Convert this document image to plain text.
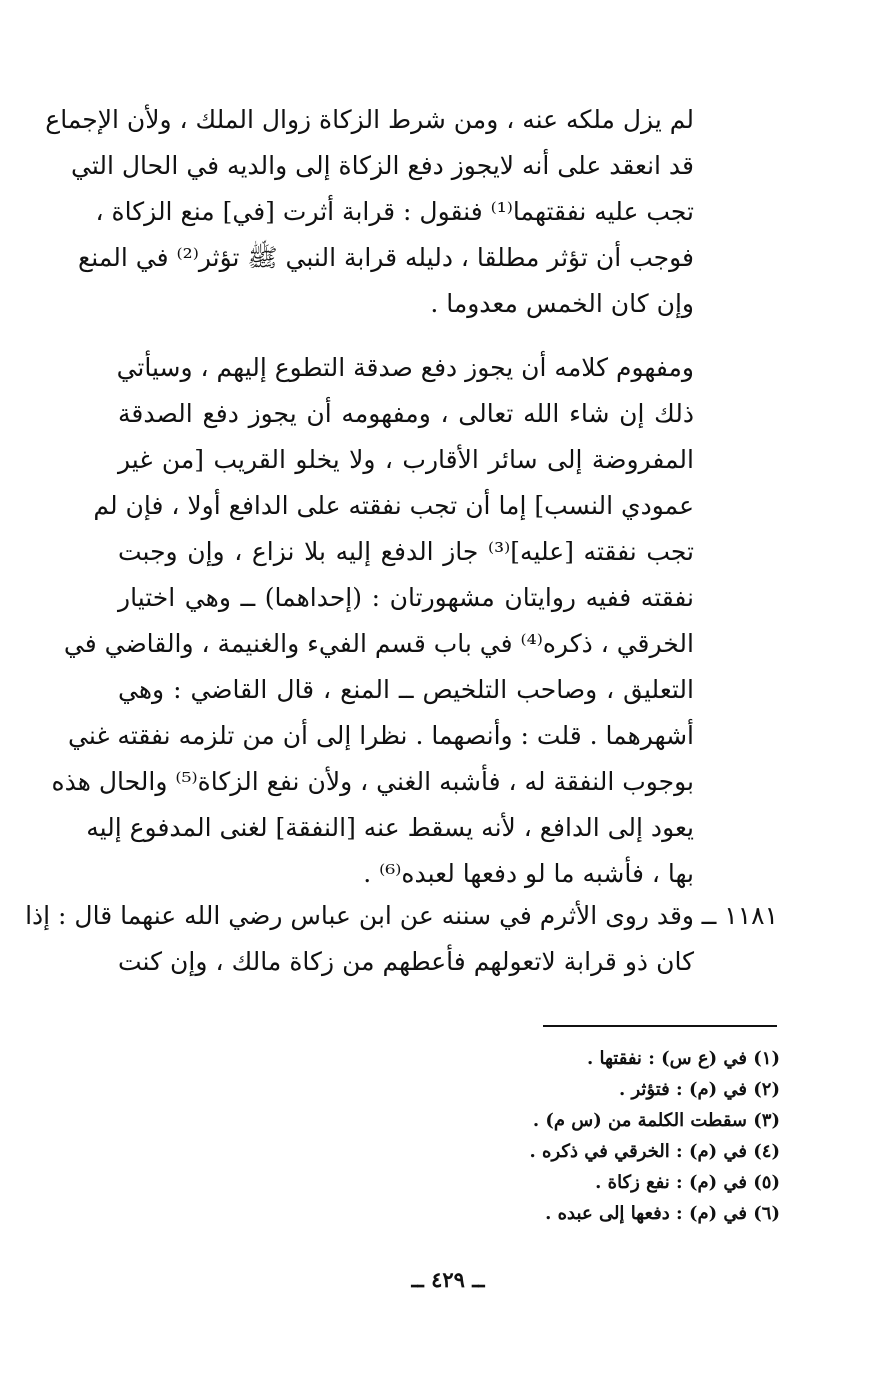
لم يزل ملكه عنه ، ومن شرط الزكاة زوال الملك ، ولأن الإجماع
قد انعقد على أنه لايجوز دفع الزكاة إلى والديه في الحال التي
تجب عليه نفقتهما⁽¹⁾ فنقول : قرابة أثرت [في] منع الزكاة ،
فوجب أن تؤثر مطلقا ، دليله قرابة النبي ﷺ تؤثر⁽²⁾ في المنع
وإن كان الخمس معدوما .
ومفهوم كلامه أن يجوز دفع صدقة التطوع إليهم ، وسيأتي
ذلك إن شاء الله تعالى ، ومفهومه أن يجوز دفع الصدقة
المفروضة إلى سائر الأقارب ، ولا يخلو القريب [من غير
عمودي النسب] إما أن تجب نفقته على الدافع أولا ، فإن لم
تجب نفقته [عليه]⁽³⁾ جاز الدفع إليه بلا نزاع ، وإن وجبت
نفقته ففيه روايتان مشهورتان : (إحداهما) ــ وهي اختيار
الخرقي ، ذكره⁽⁴⁾ في باب قسم الفيء والغنيمة ، والقاضي في
التعليق ، وصاحب التلخيص ــ المنع ، قال القاضي : وهي
أشهرهما . قلت : وأنصهما . نظرا إلى أن من تلزمه نفقته غني
بوجوب النفقة له ، فأشبه الغني ، ولأن نفع الزكاة⁽⁵⁾ والحال هذه
يعود إلى الدافع ، لأنه يسقط عنه [النفقة] لغنى المدفوع إليه
بها ، فأشبه ما لو دفعها لعبده⁽⁶⁾ .
١١٨١ ــ
وقد روى الأثرم في سننه عن ابن عباس رضي الله عنهما قال : إذا
كان ذو قرابة لاتعولهم فأعطهم من زكاة مالك ، وإن كنت
(١) في (ع س) : نفقتها .
(٢) في (م) : فتؤثر .
(٣) سقطت الكلمة من (س م) .
(٤) في (م) : الخرقي في ذكره .
(٥) في (م) : نفع زكاة .
(٦) في (م) : دفعها إلى عبده .
ــ ٤٢٩ ــ
